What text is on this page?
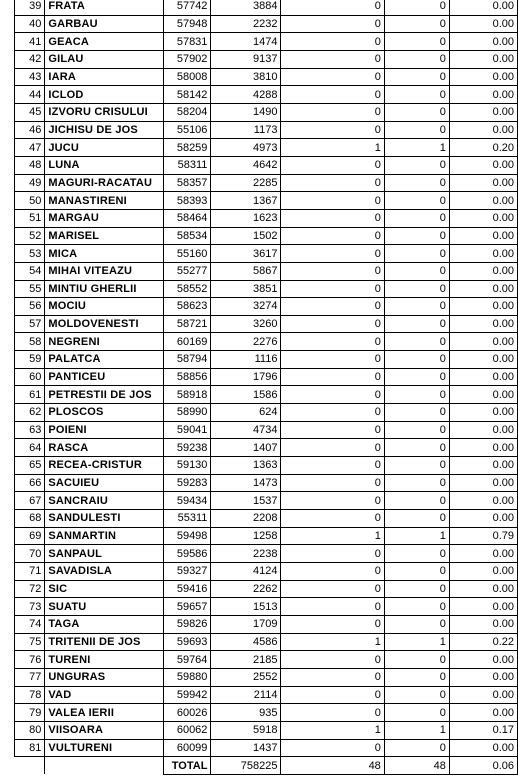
39	FRATA	57742	3884	0	0	0.00
40	GARBAU	57948	2232	0	0	0.00
41	GEACA	57831	1474	0	0	0.00
42	GILAU	57902	9137	0	0	0.00
43	IARA	58008	3810	0	0	0.00
44	ICLOD	58142	4288	0	0	0.00
45	IZVORU CRISULUI	58204	1490	0	0	0.00
46	JICHISU DE JOS	55106	1173	0	0	0.00
47	JUCU	58259	4973	1	1	0.20
48	LUNA	58311	4642	0	0	0.00
49	MAGURI-RACATAU	58357	2285	0	0	0.00
50	MANASTIRENI	58393	1367	0	0	0.00
51	MARGAU	58464	1623	0	0	0.00
52	MARISEL	58534	1502	0	0	0.00
53	MICA	55160	3617	0	0	0.00
54	MIHAI VITEAZU	55277	5867	0	0	0.00
55	MINTIU GHERLII	58552	3851	0	0	0.00
56	MOCIU	58623	3274	0	0	0.00
57	MOLDOVENESTI	58721	3260	0	0	0.00
58	NEGRENI	60169	2276	0	0	0.00
59	PALATCA	58794	1116	0	0	0.00
60	PANTICEU	58856	1796	0	0	0.00
61	PETRESTII DE JOS	58918	1586	0	0	0.00
62	PLOSCOS	58990	624	0	0	0.00
63	POIENI	59041	4734	0	0	0.00
64	RASCA	59238	1407	0	0	0.00
65	RECEA-CRISTUR	59130	1363	0	0	0.00
66	SACUIEU	59283	1473	0	0	0.00
67	SANCRAIU	59434	1537	0	0	0.00
68	SANDULESTI	55311	2208	0	0	0.00
69	SANMARTIN	59498	1258	1	1	0.79
70	SANPAUL	59586	2238	0	0	0.00
71	SAVADISLA	59327	4124	0	0	0.00
72	SIC	59416	2262	0	0	0.00
73	SUATU	59657	1513	0	0	0.00
74	TAGA	59826	1709	0	0	0.00
75	TRITENII DE JOS	59693	4586	1	1	0.22
76	TURENI	59764	2185	0	0	0.00
77	UNGURAS	59880	2552	0	0	0.00
78	VAD	59942	2114	0	0	0.00
79	VALEA IERII	60026	935	0	0	0.00
80	VIISOARA	60062	5918	1	1	0.17
81	VULTURENI	60099	1437	0	0	0.00
		TOTAL	758225	48	48	0.06
